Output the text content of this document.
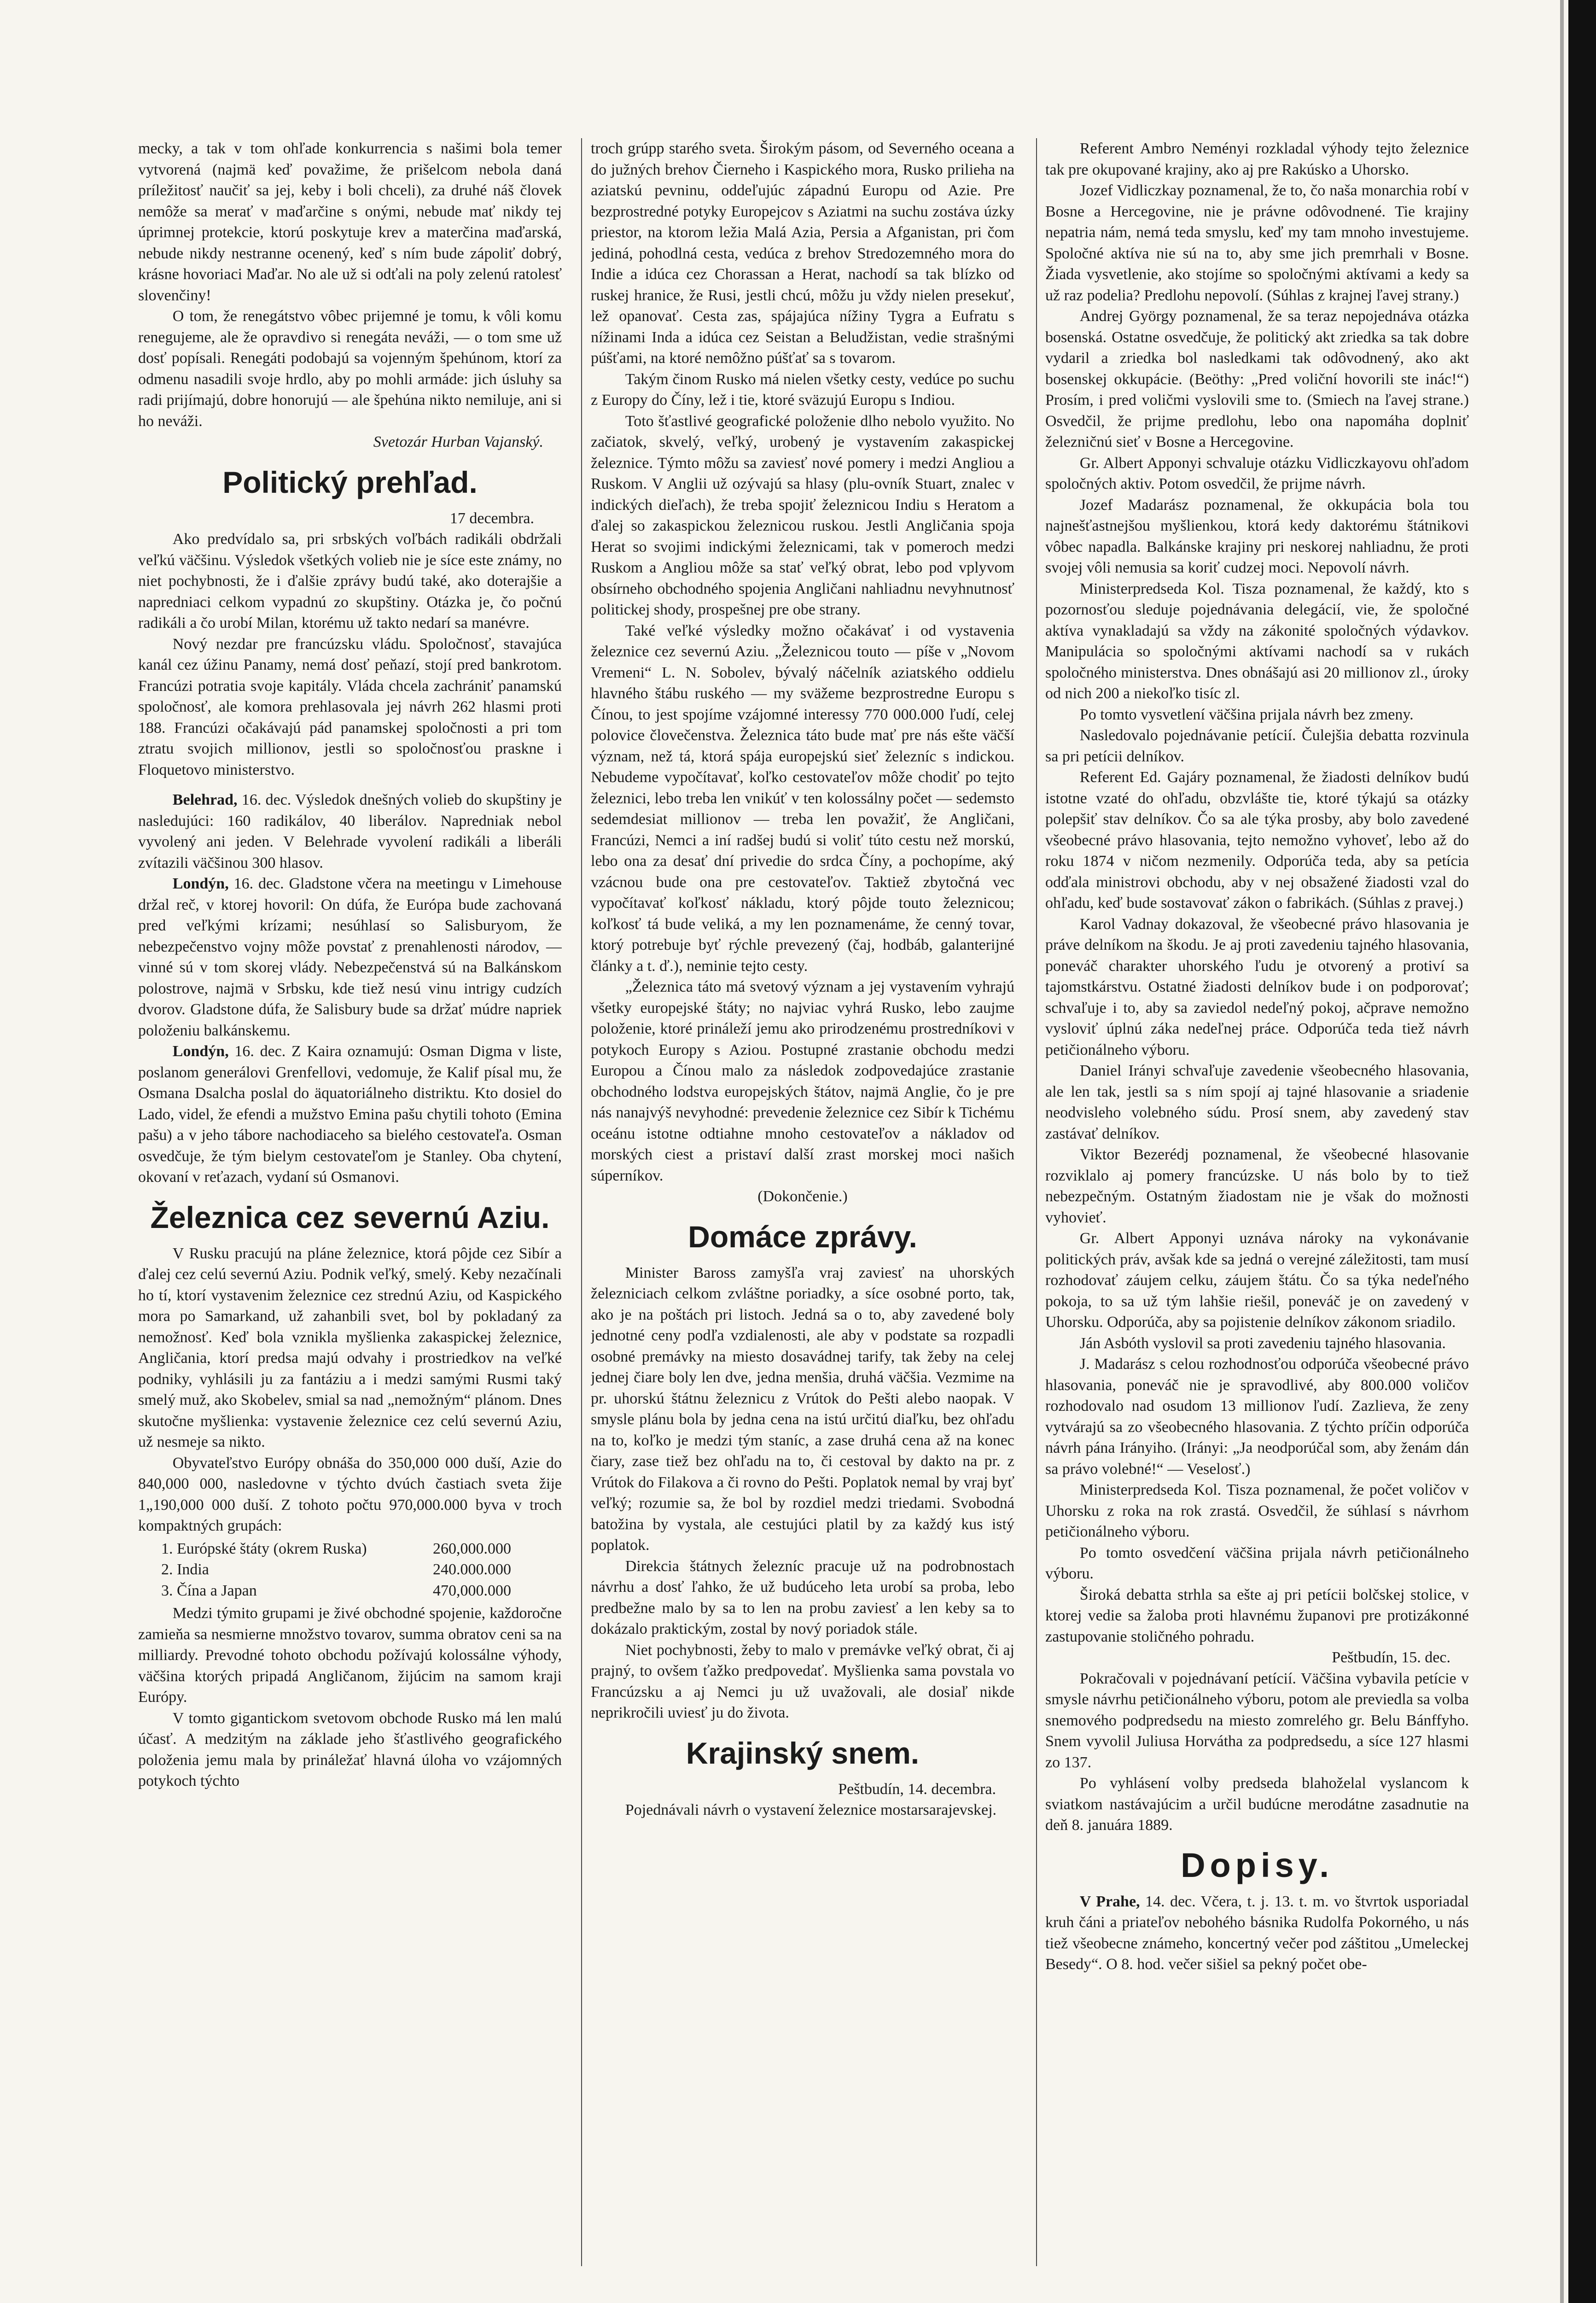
mecky, a tak v tom ohľade konkurrencia s našimi bola temer vytvorená (najmä keď považime, že prišelcom nebola daná príležitosť naučiť sa jej, keby i boli chceli), za druhé náš človek nemôže sa merať v maďarčine s onými, nebude mať nikdy tej úprimnej protekcie, ktorú poskytuje krev a materčina maďarská, nebude nikdy nestranne ocenený, keď s ním bude zápoliť dobrý, krásne hovoriaci Maďar. No ale už si odťali na poly zelenú ratolesť slovenčiny!

O tom, že renegátstvo vôbec prijemné je tomu, k vôli komu renegujeme, ale že opravdivo si renegáta neváži, — o tom sme už dosť popísali. Renegáti podobajú sa vojenným špehúnom, ktorí za odmenu nasadili svoje hrdlo, aby po mohli armáde: jich úsluhy sa radi prijímajú, dobre honorujú — ale špehúna nikto nemiluje, ani si ho neváži.

Svetozár Hurban Vajanský.
Politický prehľad.
17 decembra.

Ako predvídalo sa, pri srbských voľbách radikáli obdržali veľkú väčšinu. Výsledok všetkých volieb nie je síce este známy, no niet pochybnosti, že i ďalšie zprávy budú také, ako doterajšie a napredniaci celkom vypadnú zo skupštiny. Otázka je, čo počnú radikáli a čo urobí Milan, ktorému už takto nedarí sa manévre.

Nový nezdar pre francúzsku vládu. Spoločnosť, stavajúca kanál cez úžinu Panamy, nemá dosť peňazí, stojí pred bankrotom. Francúzi potratia svoje kapitály. Vláda chcela zachrániť panamskú spoločnosť, ale komora prehlasovala jej návrh 262 hlasmi proti 188. Francúzi očakávajú pád panamskej spoločnosti a pri tom ztratu svojich millionov, jestli so spoločnosťou praskne i Floquetovo ministerstvo.

Belehrad, 16. dec. Výsledok dnešných volieb do skupštiny je nasledujúci: 160 radikálov, 40 liberálov. Napredniak nebol vyvolený ani jeden. V Belehrade vyvolení radikáli a liberáli zvítazili väčšinou 300 hlasov.

Londýn, 16. dec. Gladstone včera na meetingu v Limehouse držal reč, v ktorej hovoril: On dúfa, že Európa bude zachovaná pred veľkými krízami; nesúhlasí so Salisburyom, že nebezpečenstvo vojny môže povstať z prenahlenosti národov, — vinné sú v tom skorej vlády. Nebezpečenstvá sú na Balkánskom polostrove, najmä v Srbsku, kde tiež nesú vinu intrigy cudzích dvorov. Gladstone dúfa, že Salisbury bude sa držať múdre napriek položeniu balkánskemu.

Londýn, 16. dec. Z Kaira oznamujú: Osman Digma v liste, poslanom generálovi Grenfellovi, vedomuje, že Kalif písal mu, že Osmana Dsalcha poslal do äquatoriálneho distriktu. Kto dosiel do Lado, videl, že efendi a mužstvo Emina pašu chytili tohoto (Emina pašu) a v jeho tábore nachodiaceho sa bielého cestovateľa. Osman osvedčuje, že tým bielym cestovateľom je Stanley. Oba chytení, okovaní v reťazach, vydaní sú Osmanovi.

Železnica cez severnú Aziu.

V Rusku pracujú na pláne železnice, ktorá pôjde cez Sibír a ďalej cez celú severnú Aziu. Podnik veľký, smelý. Keby nezačínali ho tí, ktorí vystavenim železnice cez strednú Aziu, od Kaspického mora po Samarkand, už zahanbili svet, bol by pokladaný za nemožnosť. Keď bola vznikla myšlienka zakaspickej železnice, Angličania, ktorí predsa majú odvahy i prostriedkov na veľké podniky, vyhlásili ju za fantáziu a i medzi samými Rusmi taký smelý muž, ako Skobelev, smial sa nad „nemožným“ plánom. Dnes skutočne myšlienka: vystavenie železnice cez celú severnú Aziu, už nesmeje sa nikto.

Obyvateľstvo Európy obnáša do 350,000 000 duší, Azie do 840,000 000, nasledovne v týchto dvúch častiach sveta žije 1„190,000 000 duší. Z tohoto počtu 970,000.000 byva v troch kompaktných grupách:

1. Európské štáty (okrem Ruska)	260,000.000
2. India	240.000.000
3. Čína a Japan	470,000.000

Medzi týmito grupami je živé obchodné spojenie, každoročne zamieňa sa nesmierne množstvo tovarov, summa obratov ceni sa na milliardy. Prevodné tohoto obchodu požívajú kolossálne výhody, väčšina ktorých pripadá Angličanom, žijúcim na samom kraji Európy.

V tomto gigantickom svetovom obchode Rusko má len malú účasť. A medzitým na základe jeho šťastlivého geografického položenia jemu mala by prináležať hlavná úloha vo vzájomných potykoch týchto

troch grúpp starého sveta. Širokým pásom, od Severného oceana a do južných brehov Čierneho i Kaspického mora, Rusko prilieha na aziatskú pevninu, oddeľujúc západnú Europu od Azie. Pre bezprostredné potyky Europejcov s Aziatmi na suchu zostáva úzky priestor, na ktorom ležia Malá Azia, Persia a Afganistan, pri čom jediná, pohodlná cesta, vedúca z brehov Stredozemného mora do Indie a idúca cez Chorassan a Herat, nachodí sa tak blízko od ruskej hranice, že Rusi, jestli chcú, môžu ju vždy nielen presekuť, lež opanovať. Cesta zas, spájajúca nížiny Tygra a Eufratu s nížinami Inda a idúca cez Seistan a Beludžistan, vedie strašnými púšťami, na ktoré nemôžno púšťať sa s tovarom.

Takým činom Rusko má nielen všetky cesty, vedúce po suchu z Europy do Číny, lež i tie, ktoré sväzujú Europu s Indiou.

Toto šťastlivé geografické položenie dlho nebolo využito. No začiatok, skvelý, veľký, urobený je vystavením zakaspickej železnice. Týmto môžu sa zaviesť nové pomery i medzi Angliou a Ruskom. V Anglii už ozývajú sa hlasy (plu-ovník Stuart, znalec v indických dieľach), že treba spojiť železnicou Indiu s Heratom a ďalej so zakaspickou železnicou ruskou. Jestli Angličania spoja Herat so svojimi indickými železnicami, tak v pomeroch medzi Ruskom a Angliou môže sa stať veľký obrat, lebo pod vplyvom obsírneho obchodného spojenia Angličani nahliadnu nevyhnutnosť politickej shody, prospešnej pre obe strany.

Také veľké výsledky možno očakávať i od vystavenia železnice cez severnú Aziu. „Železnicou touto — píše v „Novom Vremeni“ L. N. Sobolev, bývalý náčelník aziatského oddielu hlavného štábu ruského — my sväžeme bezprostredne Europu s Čínou, to jest spojíme vzájomné interessy 770 000.000 ľudí, celej polovice človečenstva. Železnica táto bude mať pre nás ešte väčší význam, než tá, ktorá spája europejskú sieť železníc s indickou. Nebudeme vypočítavať, koľko cestovateľov môže chodiť po tejto železnici, lebo treba len vnikúť v ten kolossálny počet — sedemsto sedemdesiat millionov — treba len považiť, že Angličani, Francúzi, Nemci a iní radšej budú si voliť túto cestu než morskú, lebo ona za desať dní privedie do srdca Číny, a pochopíme, aký vzácnou bude ona pre cestovateľov. Taktiež zbytočná vec vypočítavať koľkosť nákladu, ktorý pôjde touto železnicou; koľkosť tá bude veliká, a my len poznamenáme, že cenný tovar, ktorý potrebuje byť rýchle prevezený (čaj, hodbáb, galanterijné články a t. ď.), neminie tejto cesty.

„Železnica táto má svetový význam a jej vystavením vyhrajú všetky europejské štáty; no najviac vyhrá Rusko, lebo zaujme položenie, ktoré prináleží jemu ako prirodzenému prostredníkovi v potykoch Europy s Aziou. Postupné zrastanie obchodu medzi Europou a Čínou malo za následok zodpovedajúce zrastanie obchodného lodstva europejských štátov, najmä Anglie, čo je pre nás nanajvýš nevyhodné: prevedenie železnice cez Sibír k Tichému oceánu istotne odtiahne mnoho cestovateľov a nákladov od morských ciest a pristaví další zrast morskej moci našich súperníkov.

(Dokončenie.)
Domáce zprávy.

Minister Baross zamyšľa vraj zaviesť na uhorských železniciach celkom zvláštne poriadky, a síce osobné porto, tak, ako je na poštách pri listoch. Jedná sa o to, aby zavedené boly jednotné ceny podľa vzdialenosti, ale aby v podstate sa rozpadli osobné premávky na miesto dosavádnej tarify, tak žeby na celej jednej čiare boly len dve, jedna menšia, druhá väčšia. Vezmime na pr. uhorskú štátnu železnicu z Vrútok do Pešti alebo naopak. V smysle plánu bola by jedna cena na istú určitú diaľku, bez ohľadu na to, koľko je medzi tým staníc, a zase druhá cena až na konec čiary, zase tiež bez ohľadu na to, či cestoval by dakto na pr. z Vrútok do Filakova a či rovno do Pešti. Poplatok nemal by vraj byť veľký; rozumie sa, že bol by rozdiel medzi triedami. Svobodná batožina by vystala, ale cestujúci platil by za každý kus istý poplatok.

Direkcia štátnych železníc pracuje už na podrobnostach návrhu a dosť ľahko, že už budúceho leta urobí sa proba, lebo predbežne malo by sa to len na probu zaviesť a len keby sa to dokázalo praktickým, zostal by nový poriadok stále.

Niet pochybnosti, žeby to malo v premávke veľký obrat, či aj prajný, to ovšem ťažko predpovedať. Myšlienka sama povstala vo Francúzsku a aj Nemci ju už uvažovali, ale dosiaľ nikde neprikročili uviesť ju do života.

Krajinský snem.
Peštbudín, 14. decembra.

Pojednávali návrh o vystavení železnice mostarsarajevskej.

Referent Ambro Neményi rozkladal výhody tejto železnice tak pre okupované krajiny, ako aj pre Rakúsko a Uhorsko.

Jozef Vidliczkay poznamenal, že to, čo naša monarchia robí v Bosne a Hercegovine, nie je právne odôvodnené. Tie krajiny nepatria nám, nemá teda smyslu, keď my tam mnoho investujeme. Spoločné aktíva nie sú na to, aby sme jich premrhali v Bosne. Žiada vysvetlenie, ako stojíme so spoločnými aktívami a kedy sa už raz podelia? Predlohu nepovolí. (Súhlas z krajnej ľavej strany.)

Andrej György poznamenal, že sa teraz nepojednáva otázka bosenská. Ostatne osvedčuje, že politický akt zriedka sa tak dobre vydaril a zriedka bol nasledkami tak odôvodnený, ako akt bosenskej okkupácie. (Beöthy: „Pred voliční hovorili ste inác!“) Prosím, i pred voličmi vyslovili sme to. (Smiech na ľavej strane.) Osvedčil, že prijme predlohu, lebo ona napomáha doplniť železničnú sieť v Bosne a Hercegovine.

Gr. Albert Apponyi schvaluje otázku Vidliczkayovu ohľadom spoločných aktiv. Potom osvedčil, že prijme návrh.

Jozef Madarász poznamenal, že okkupácia bola tou najnešťastnejšou myšlienkou, ktorá kedy daktorému štátnikovi vôbec napadla. Balkánske krajiny pri neskorej nahliadnu, že proti svojej vôli nemusia sa koriť cudzej moci. Nepovolí návrh.

Ministerpredseda Kol. Tisza poznamenal, že každý, kto s pozornosťou sleduje pojednávania delegácií, vie, že spoločné aktíva vynakladajú sa vždy na zákonité spoločných výdavkov. Manipulácia so spoločnými aktívami nachodí sa v rukách spoločného ministerstva. Dnes obnášajú asi 20 millionov zl., úroky od nich 200 a niekoľko tisíc zl.

Po tomto vysvetlení väčšina prijala návrh bez zmeny.

Nasledovalo pojednávanie petícií. Čulejšia debatta rozvinula sa pri petícii delníkov.

Referent Ed. Gajáry poznamenal, že žiadosti delníkov budú istotne vzaté do ohľadu, obzvlášte tie, ktoré týkajú sa otázky polepšiť stav delníkov. Čo sa ale týka prosby, aby bolo zavedené všeobecné právo hlasovania, tejto nemožno vyhoveť, lebo až do roku 1874 v ničom nezmenily. Odporúča teda, aby sa petícia odďala ministrovi obchodu, aby v nej obsažené žiadosti vzal do ohľadu, keď bude sostavovať zákon o fabrikách. (Súhlas z pravej.)

Karol Vadnay dokazoval, že všeobecné právo hlasovania je práve delníkom na škodu. Je aj proti zavedeniu tajného hlasovania, poneváč charakter uhorského ľudu je otvorený a protiví sa tajomstkárstvu. Ostatné žiadosti delníkov bude i on podporovať; schvaľuje i to, aby sa zaviedol nedeľný pokoj, ačprave nemožno vysloviť úplnú záka nedeľnej práce. Odporúča teda tiež návrh petičionálneho výboru.

Daniel Irányi schvaľuje zavedenie všeobecného hlasovania, ale len tak, jestli sa s ním spojí aj tajné hlasovanie a sriadenie neodvisleho volebného súdu. Prosí snem, aby zavedený stav zastávať delníkov.

Viktor Bezerédj poznamenal, že všeobecné hlasovanie rozviklalo aj pomery francúzske. U nás bolo by to tiež nebezpečným. Ostatným žiadostam nie je však do možnosti vyhovieť.

Gr. Albert Apponyi uznáva nároky na vykonávanie politických práv, avšak kde sa jedná o verejné záležitosti, tam musí rozhodovať záujem celku, záujem štátu. Čo sa týka nedeľného pokoja, to sa už tým lahšie riešil, poneváč je on zavedený v Uhorsku. Odporúča, aby sa pojistenie delníkov zákonom sriadilo.

Ján Asbóth vyslovil sa proti zavedeniu tajného hlasovania.

J. Madarász s celou rozhodnosťou odporúča všeobecné právo hlasovania, poneváč nie je spravodlivé, aby 800.000 voličov rozhodovalo nad osudom 13 millionov ľudí. Zazlieva, že zeny vytvárajú sa zo všeobecného hlasovania. Z týchto príčin odporúča návrh pána Irányiho. (Irányi: „Ja neodporúčal som, aby ženám dán sa právo volebné!“ — Veselosť.)

Ministerpredseda Kol. Tisza poznamenal, že počet voličov v Uhorsku z roka na rok zrastá. Osvedčil, že súhlasí s návrhom petičionálneho výboru.

Po tomto osvedčení väčšina prijala návrh petičionálneho výboru.

Široká debatta strhla sa ešte aj pri petícii bolčskej stolice, v ktorej vedie sa žaloba proti hlavnému županovi pre protizákonné zastupovanie stoličného pohradu.

Peštbudín, 15. dec.

Pokračovali v pojednávaní petícií. Väčšina vybavila petície v smysle návrhu petičionálneho výboru, potom ale previedla sa volba snemového podpredsedu na miesto zomrelého gr. Belu Bánffyho. Snem vyvolil Juliusa Horvátha za podpredsedu, a síce 127 hlasmi zo 137.

Po vyhlásení volby predseda blahoželal vyslancom k sviatkom nastávajúcim a určil budúcne merodátne zasadnutie na deň 8. januára 1889.

Dopisy.

V Prahe, 14. dec. Včera, t. j. 13. t. m. vo štvrtok usporiadal kruh čáni a priateľov nebohého básnika Rudolfa Pokorného, u nás tiež všeobecne známeho, koncertný večer pod záštitou „Umeleckej Besedy“. O 8. hod. večer sišiel sa pekný počet obe-
